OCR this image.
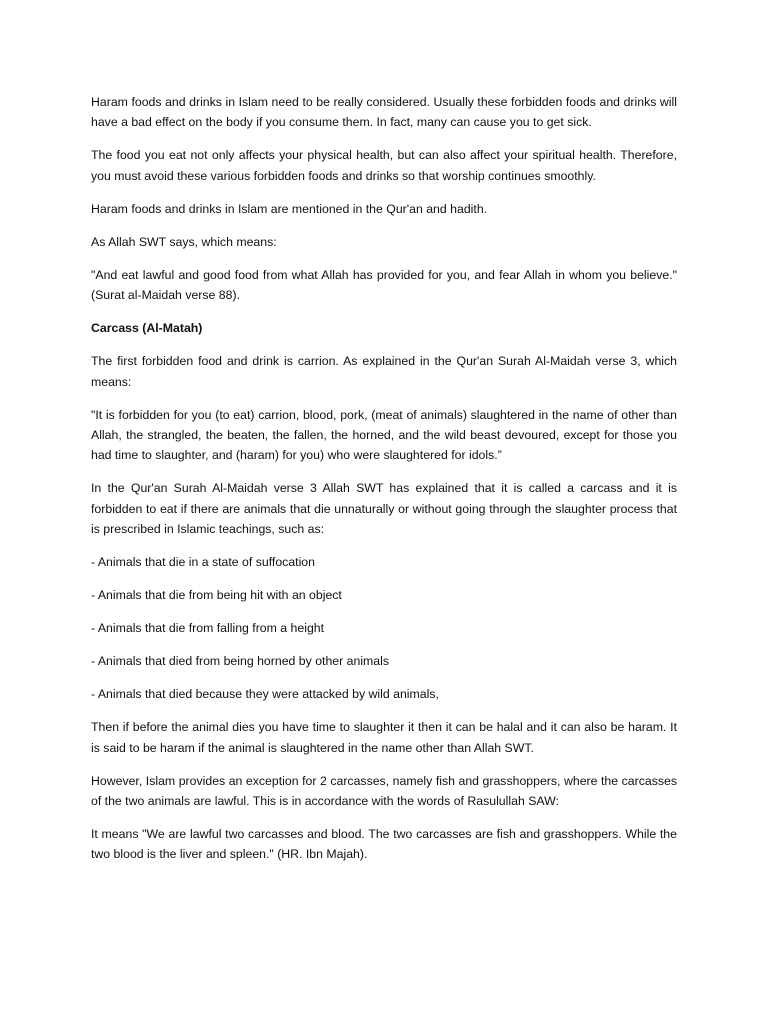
Haram foods and drinks in Islam need to be really considered. Usually these forbidden foods and drinks will have a bad effect on the body if you consume them. In fact, many can cause you to get sick.

The food you eat not only affects your physical health, but can also affect your spiritual health. Therefore, you must avoid these various forbidden foods and drinks so that worship continues smoothly.

Haram foods and drinks in Islam are mentioned in the Qur'an and hadith.

As Allah SWT says, which means:

"And eat lawful and good food from what Allah has provided for you, and fear Allah in whom you believe." (Surat al-Maidah verse 88).

Carcass (Al-Matah)

The first forbidden food and drink is carrion. As explained in the Qur'an Surah Al-Maidah verse 3, which means:

"It is forbidden for you (to eat) carrion, blood, pork, (meat of animals) slaughtered in the name of other than Allah, the strangled, the beaten, the fallen, the horned, and the wild beast devoured, except for those you had time to slaughter, and (haram) for you) who were slaughtered for idols.”

In the Qur'an Surah Al-Maidah verse 3 Allah SWT has explained that it is called a carcass and it is forbidden to eat if there are animals that die unnaturally or without going through the slaughter process that is prescribed in Islamic teachings, such as:

- Animals that die in a state of suffocation

- Animals that die from being hit with an object

- Animals that die from falling from a height

- Animals that died from being horned by other animals

- Animals that died because they were attacked by wild animals,

Then if before the animal dies you have time to slaughter it then it can be halal and it can also be haram. It is said to be haram if the animal is slaughtered in the name other than Allah SWT.

However, Islam provides an exception for 2 carcasses, namely fish and grasshoppers, where the carcasses of the two animals are lawful. This is in accordance with the words of Rasulullah SAW:

It means "We are lawful two carcasses and blood. The two carcasses are fish and grasshoppers. While the two blood is the liver and spleen." (HR. Ibn Majah).
